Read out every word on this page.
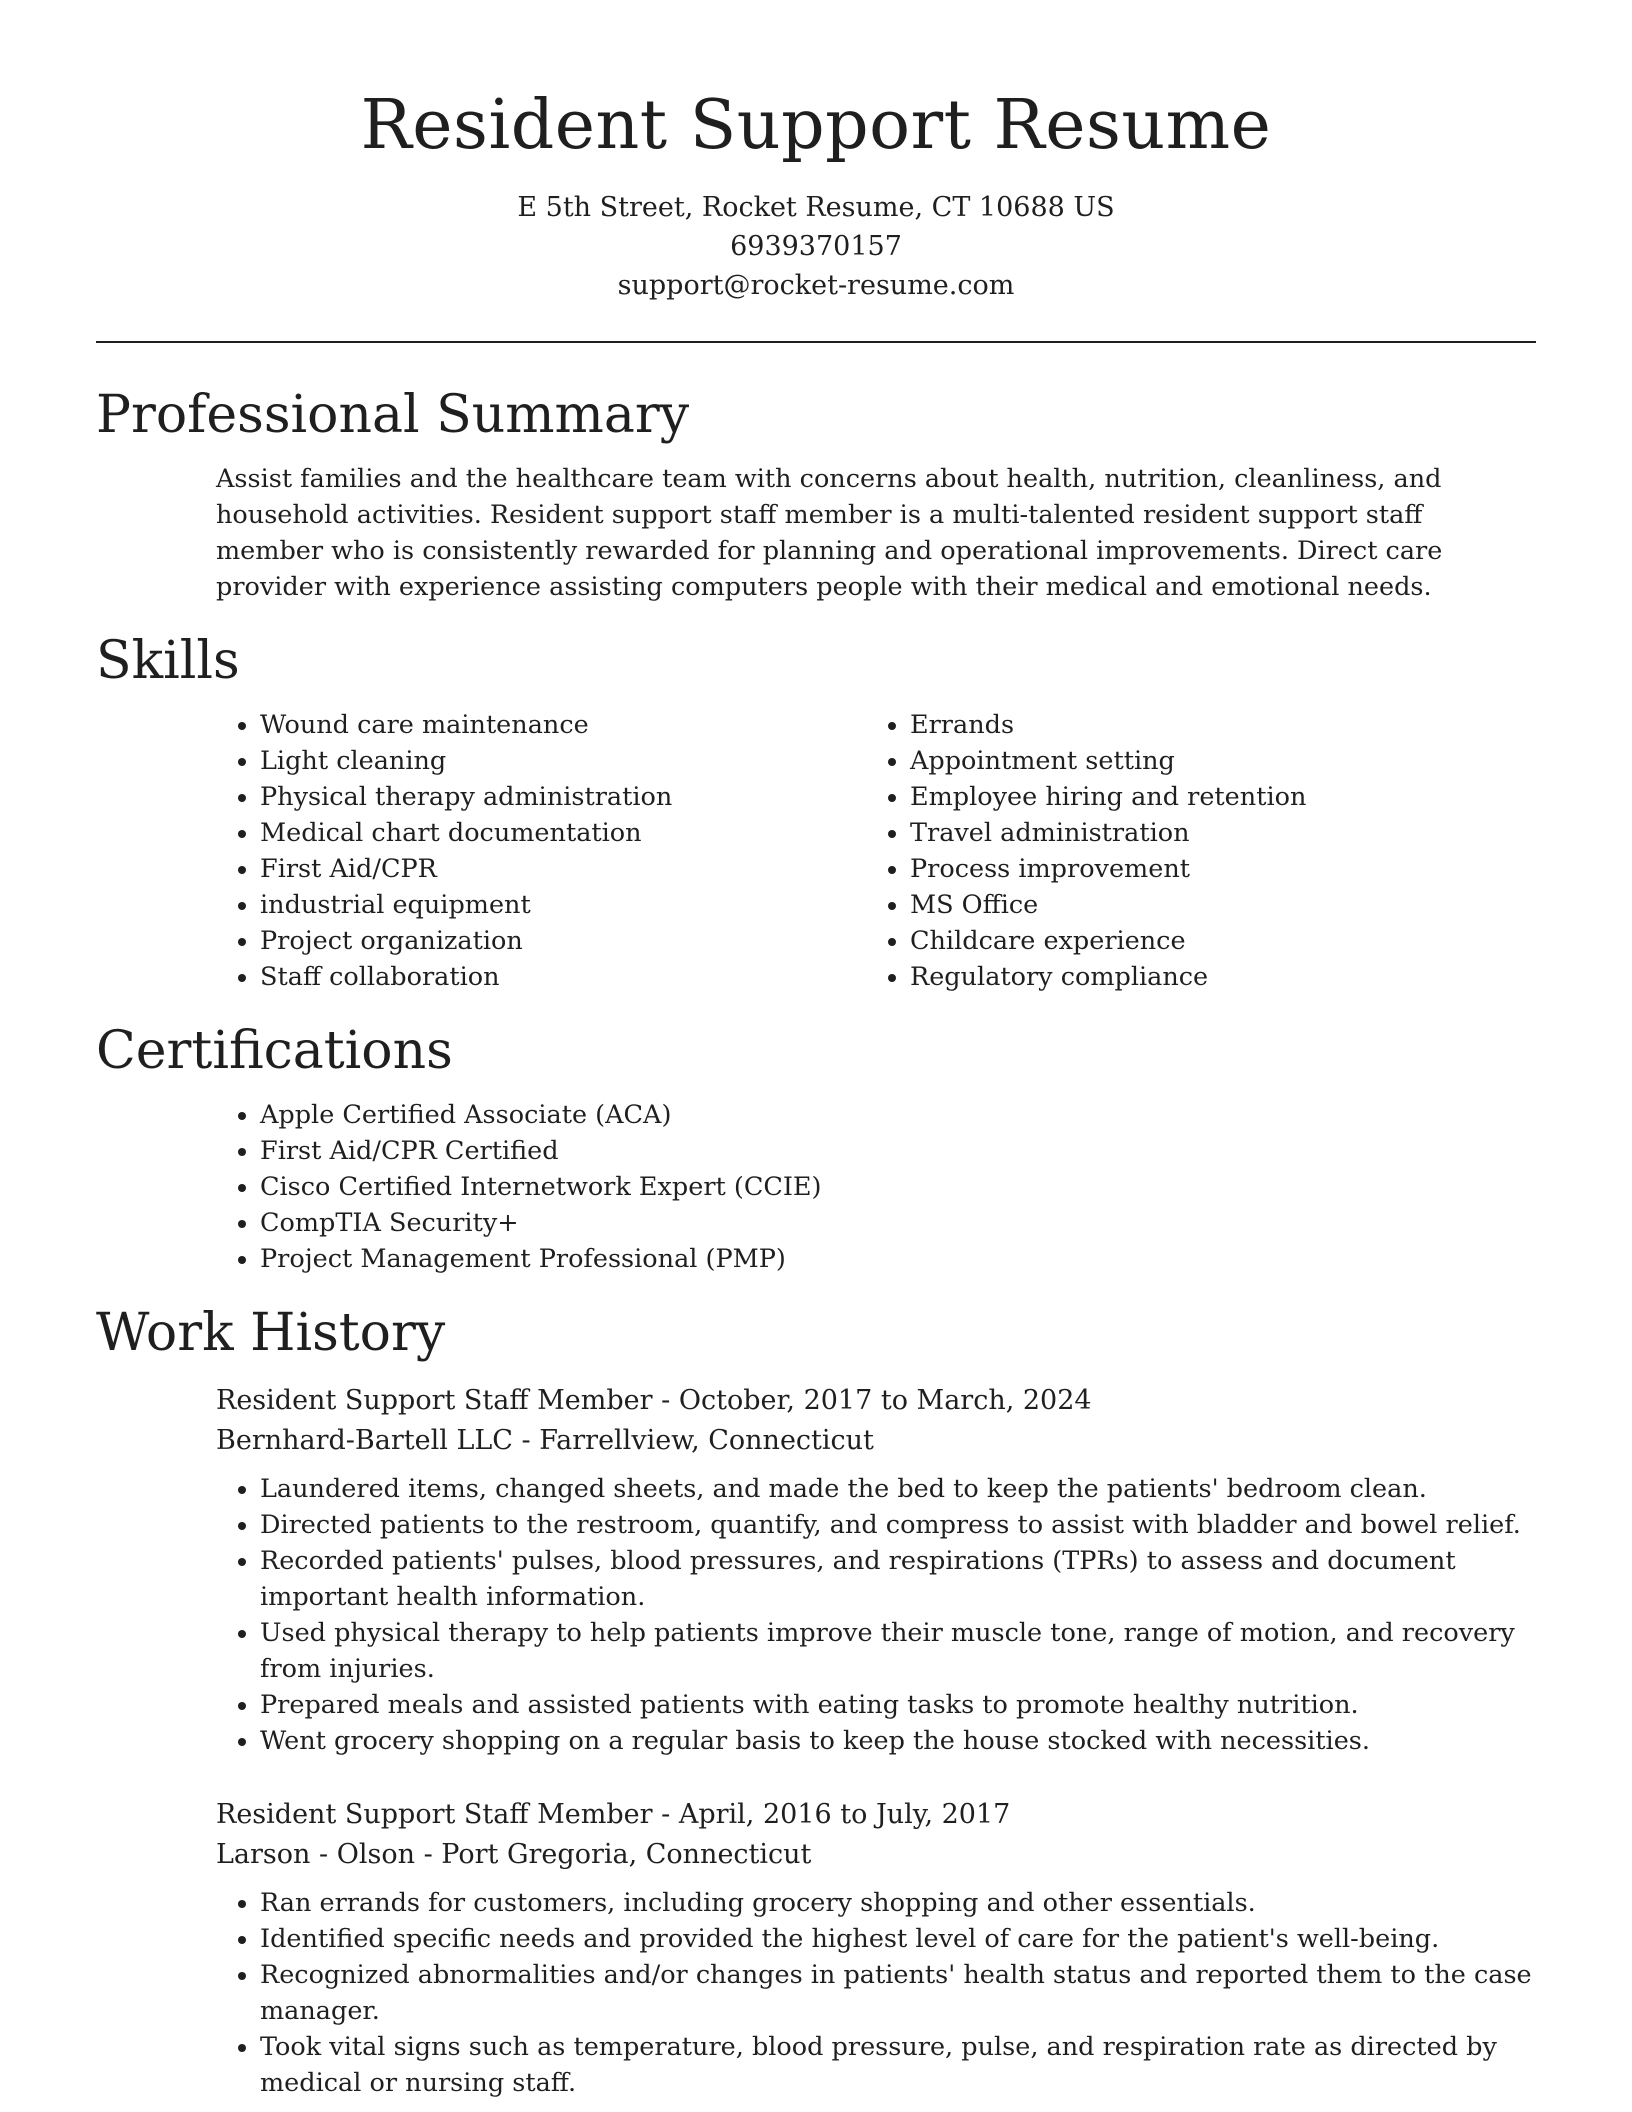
Resident Support Resume
E 5th Street, Rocket Resume, CT 10688 US
6939370157
support@rocket-resume.com
Professional Summary

Assist families and the healthcare team with concerns about health, nutrition, cleanliness, and household activities. Resident support staff member is a multi-talented resident support staff member who is consistently rewarded for planning and operational improvements. Direct care provider with experience assisting computers people with their medical and emotional needs.

Skills
• Wound care maintenance
• Light cleaning
• Physical therapy administration
• Medical chart documentation
• First Aid/CPR
• industrial equipment
• Project organization
• Staff collaboration
• Errands
• Appointment setting
• Employee hiring and retention
• Travel administration
• Process improvement
• MS Office
• Childcare experience
• Regulatory compliance
Certifications
• Apple Certified Associate (ACA)
• First Aid/CPR Certified
• Cisco Certified Internetwork Expert (CCIE)
• CompTIA Security+
• Project Management Professional (PMP)
Work History
Resident Support Staff Member - October, 2017 to March, 2024
Bernhard-Bartell LLC - Farrellview, Connecticut
• Laundered items, changed sheets, and made the bed to keep the patients' bedroom clean.
• Directed patients to the restroom, quantify, and compress to assist with bladder and bowel relief.
• Recorded patients' pulses, blood pressures, and respirations (TPRs) to assess and document important health information.
• Used physical therapy to help patients improve their muscle tone, range of motion, and recovery from injuries.
• Prepared meals and assisted patients with eating tasks to promote healthy nutrition.
• Went grocery shopping on a regular basis to keep the house stocked with necessities.
Resident Support Staff Member - April, 2016 to July, 2017
Larson - Olson - Port Gregoria, Connecticut
• Ran errands for customers, including grocery shopping and other essentials.
• Identified specific needs and provided the highest level of care for the patient's well-being.
• Recognized abnormalities and/or changes in patients' health status and reported them to the case manager.
• Took vital signs such as temperature, blood pressure, pulse, and respiration rate as directed by medical or nursing staff.
